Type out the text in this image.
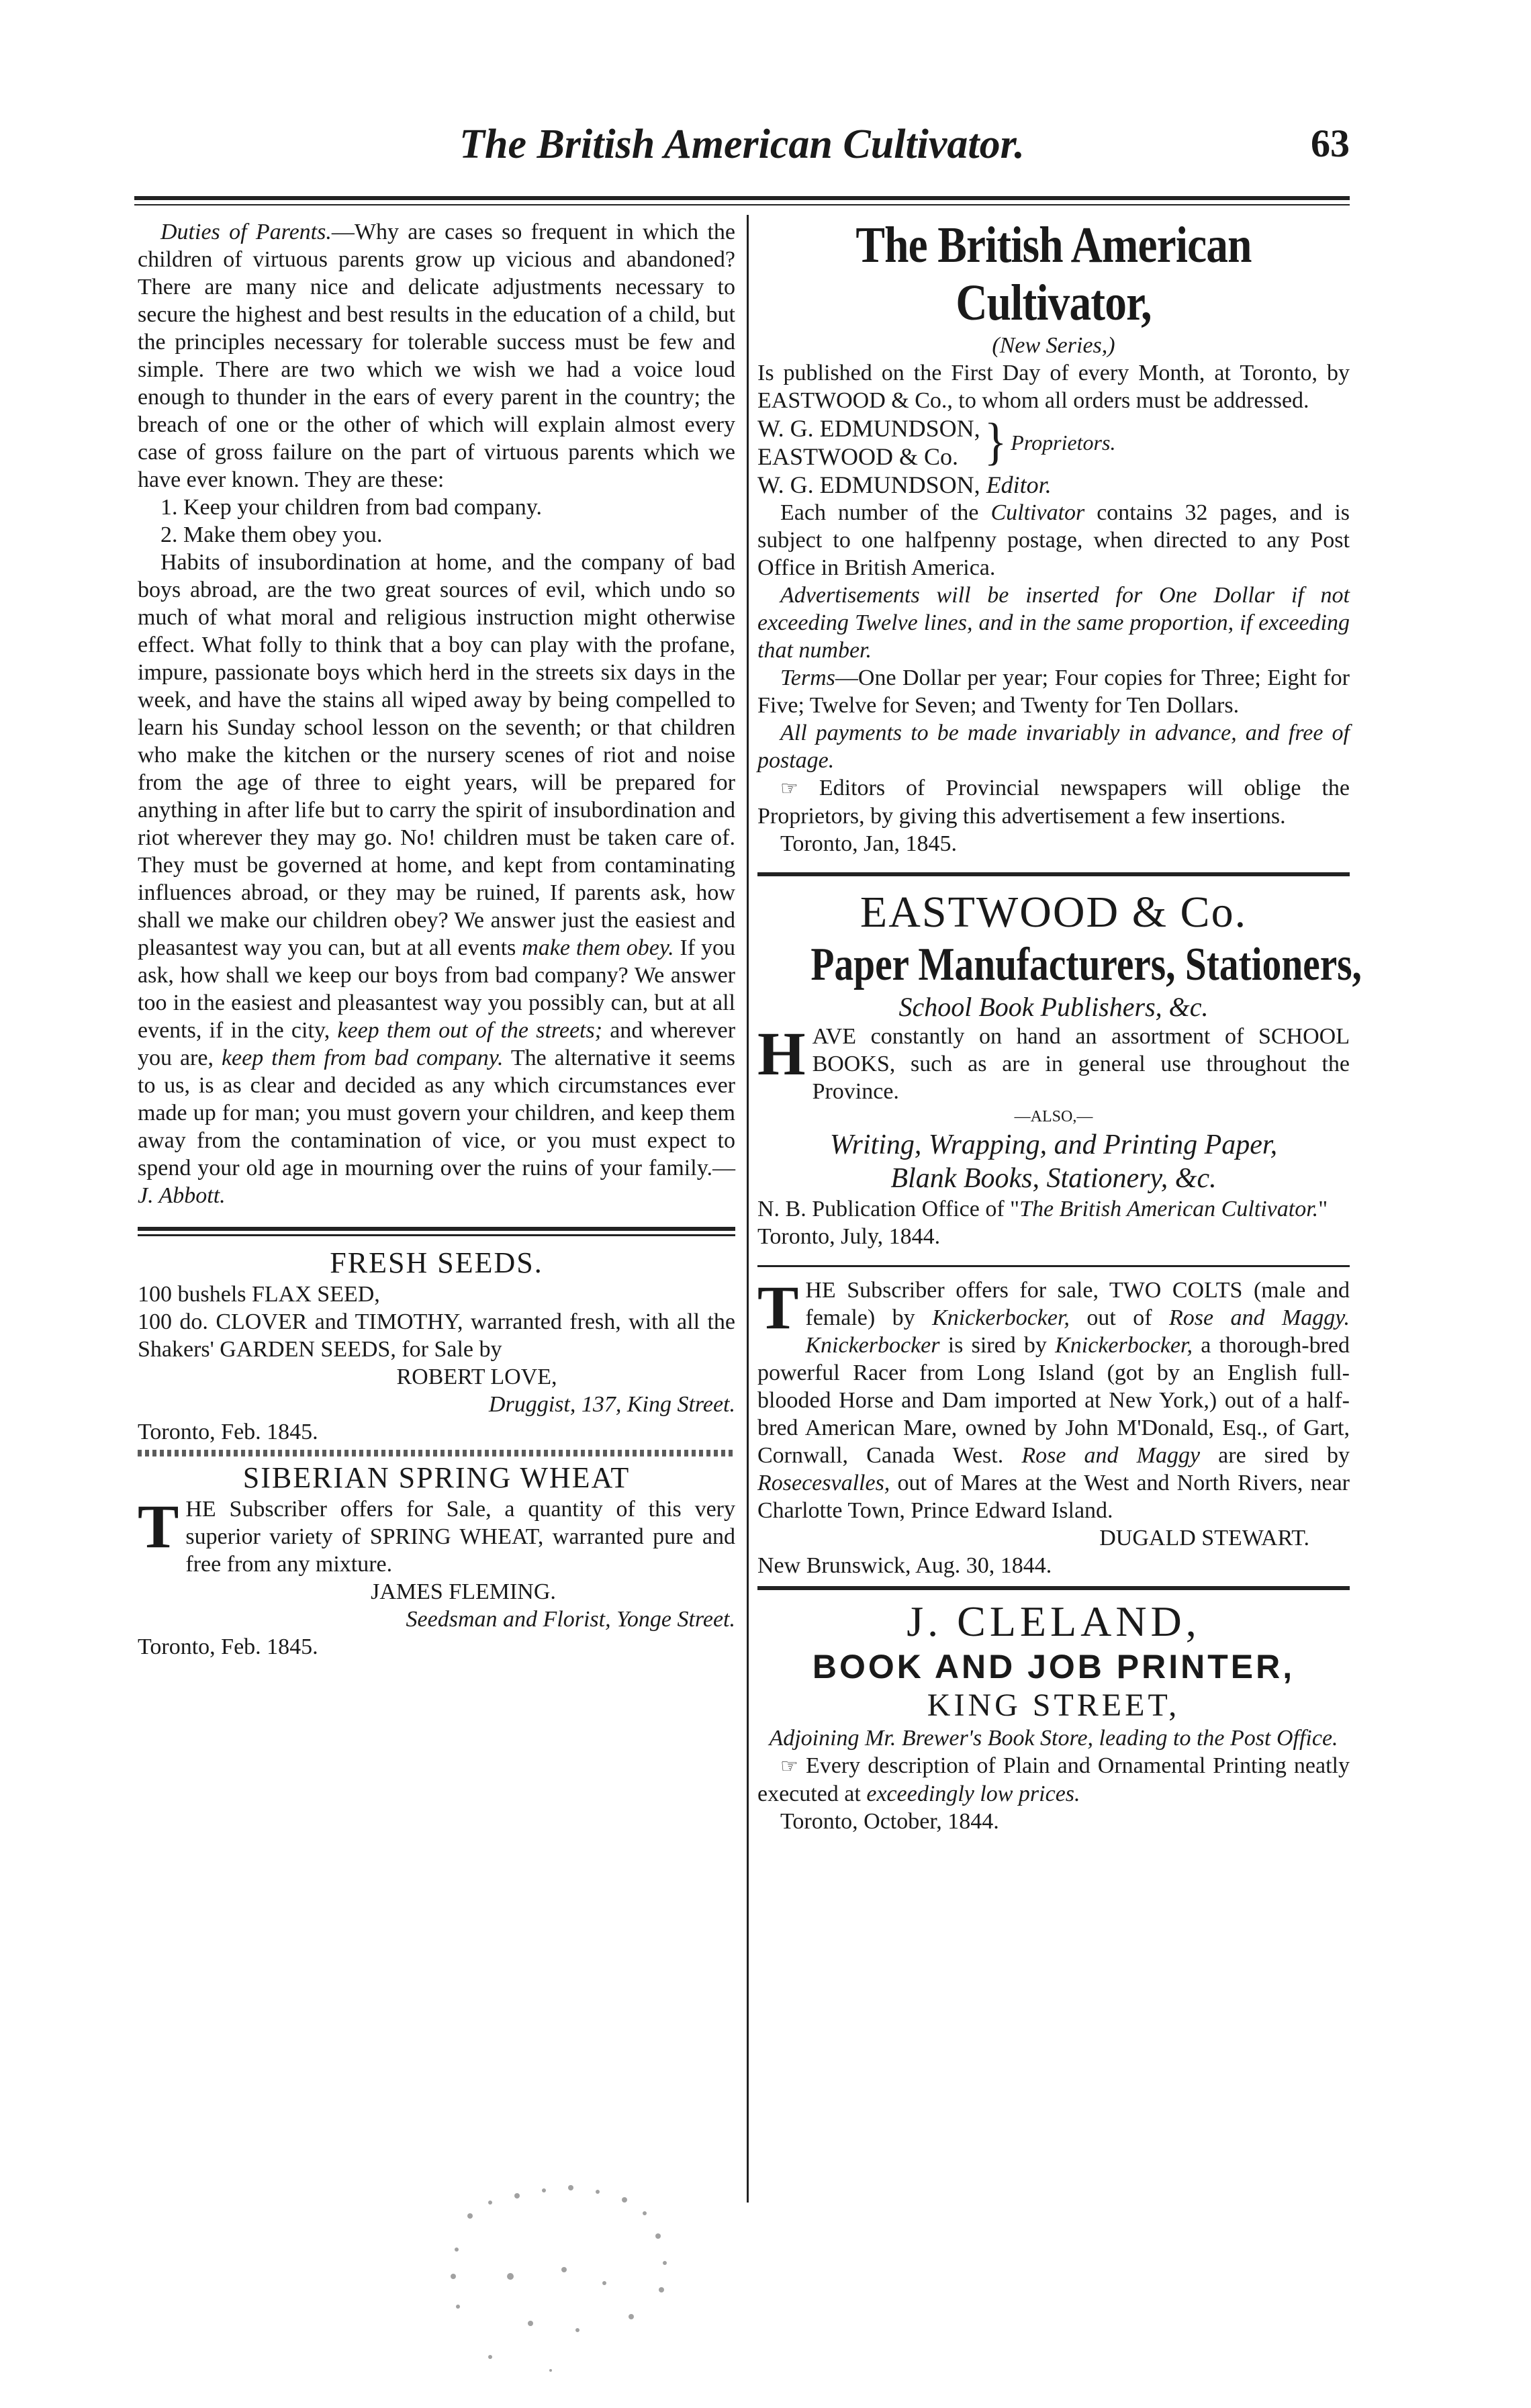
The British American Cultivator.	63

Duties of Parents.—Why are cases so frequent in which the children of virtuous parents grow up vicious and abandoned? There are many nice and delicate adjustments necessary to secure the highest and best results in the education of a child, but the principles necessary for tolerable success must be few and simple. There are two which we wish we had a voice loud enough to thunder in the ears of every parent in the country; the breach of one or the other of which will explain almost every case of gross failure on the part of virtuous parents which we have ever known. They are these:

1. Keep your children from bad company.

2. Make them obey you.

Habits of insubordination at home, and the company of bad boys abroad, are the two great sources of evil, which undo so much of what moral and religious instruction might otherwise effect. What folly to think that a boy can play with the profane, impure, passionate boys which herd in the streets six days in the week, and have the stains all wiped away by being compelled to learn his Sunday school lesson on the seventh; or that children who make the kitchen or the nursery scenes of riot and noise from the age of three to eight years, will be prepared for anything in after life but to carry the spirit of insubordination and riot wherever they may go. No! children must be taken care of. They must be governed at home, and kept from contaminating influences abroad, or they may be ruined, If parents ask, how shall we make our children obey? We answer just the easiest and pleasantest way you can, but at all events make them obey. If you ask, how shall we keep our boys from bad company? We answer too in the easiest and pleasantest way you possibly can, but at all events, if in the city, keep them out of the streets; and wherever you are, keep them from bad company. The alternative it seems to us, is as clear and decided as any which circumstances ever made up for man; you must govern your children, and keep them away from the contamination of vice, or you must expect to spend your old age in mourning over the ruins of your family.—J. Abbott.

FRESH SEEDS.

100 bushels FLAX SEED,

100 do. CLOVER and TIMOTHY, warranted fresh, with all the Shakers' GARDEN SEEDS, for Sale by

ROBERT LOVE,

Druggist, 137, King Street.

Toronto, Feb. 1845.

SIBERIAN SPRING WHEAT

THE Subscriber offers for Sale, a quantity of this very superior variety of SPRING WHEAT, warranted pure and free from any mixture.

JAMES FLEMING.

Seedsman and Florist, Yonge Street.

Toronto, Feb. 1845.

The British American Cultivator,

(New Series,)

Is published on the First Day of every Month, at Toronto, by EASTWOOD & Co., to whom all orders must be addressed.

W. G. EDMUNDSON,
EASTWOOD & Co. } Proprietors.

W. G. EDMUNDSON, Editor.

Each number of the Cultivator contains 32 pages, and is subject to one halfpenny postage, when directed to any Post Office in British America.

Advertisements will be inserted for One Dollar if not exceeding Twelve lines, and in the same proportion, if exceeding that number.

Terms—One Dollar per year; Four copies for Three; Eight for Five; Twelve for Seven; and Twenty for Ten Dollars.

All payments to be made invariably in advance, and free of postage.

☞ Editors of Provincial newspapers will oblige the Proprietors, by giving this advertisement a few insertions.

Toronto, Jan, 1845.

EASTWOOD & Co.

Paper Manufacturers, Stationers,

School Book Publishers, &c.

HAVE constantly on hand an assortment of SCHOOL BOOKS, such as are in general use throughout the Province.

—ALSO,—

Writing, Wrapping, and Printing Paper,

Blank Books, Stationery, &c.

N. B. Publication Office of "The British American Cultivator."

Toronto, July, 1844.

THE Subscriber offers for sale, TWO COLTS (male and female) by Knickerbocker, out of Rose and Maggy. Knickerbocker is sired by Knickerbocker, a thorough-bred powerful Racer from Long Island (got by an English full-blooded Horse and Dam imported at New York,) out of a half-bred American Mare, owned by John M'Donald, Esq., of Gart, Cornwall, Canada West. Rose and Maggy are sired by Rosecesvalles, out of Mares at the West and North Rivers, near Charlotte Town, Prince Edward Island.

DUGALD STEWART.

New Brunswick, Aug. 30, 1844.

J. CLELAND,

BOOK AND JOB PRINTER,

KING STREET,

Adjoining Mr. Brewer's Book Store, leading to the Post Office.

☞ Every description of Plain and Ornamental Printing neatly executed at exceedingly low prices.

Toronto, October, 1844.
